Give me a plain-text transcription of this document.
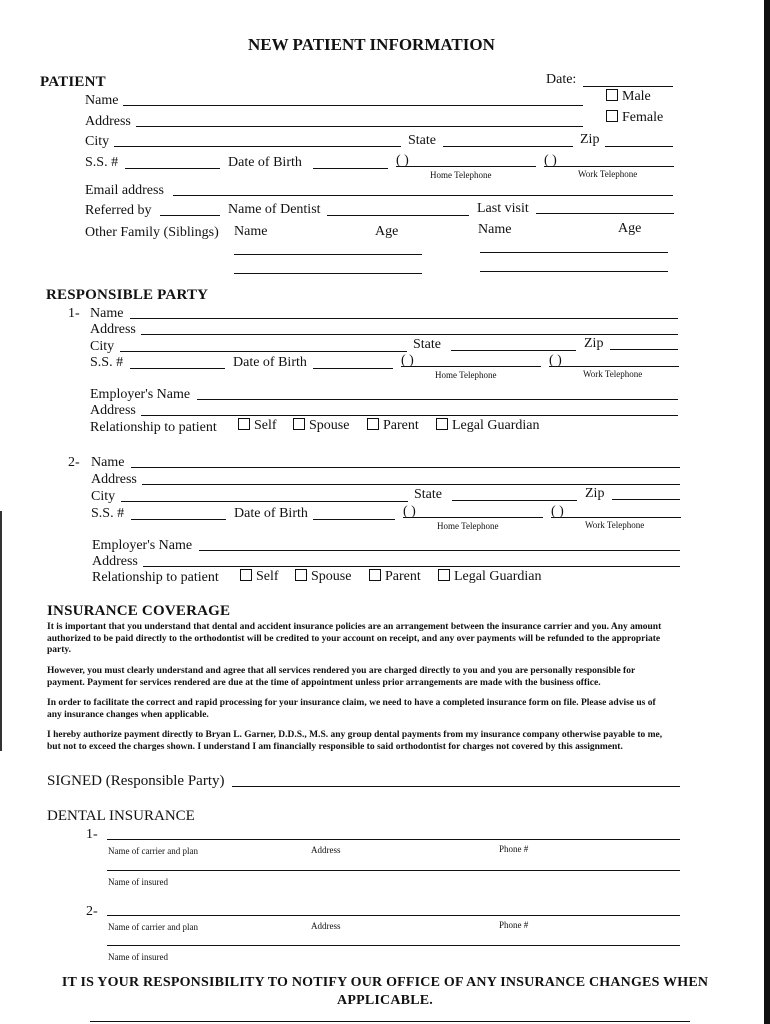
NEW PATIENT INFORMATION
PATIENT	Date:
Name	Male
Address	Female
City	State	Zip
S.S. #	Date of Birth	( )
Home Telephone
( )
Work Telephone
Email address
Referred by	Name of Dentist	Last visit
Other Family (Siblings) Name	Age	Name	Age
RESPONSIBLE PARTY
1- Name
Address
City	State	Zip
S.S. #	Date of Birth	( )
Home Telephone
( )
Work Telephone
Employer's Name
Address
Relationship to patient	Self	Spouse	Parent	Legal Guardian
2- Name
Address
City	State	Zip
S.S. #	Date of Birth	( )
Home Telephone
( )
Work Telephone
Employer's Name
Address
Relationship to patient	Self	Spouse	Parent	Legal Guardian
INSURANCE COVERAGE
It is important that you understand that dental and accident insurance policies are an arrangement between the insurance carrier and you. Any amount authorized to be paid directly to the orthodontist will be credited to your account on receipt, and any over payments will be refunded to the appropriate party.
However, you must clearly understand and agree that all services rendered you are charged directly to you and you are personally responsible for payment. Payment for services rendered are due at the time of appointment unless prior arrangements are made with the business office.
In order to facilitate the correct and rapid processing for your insurance claim, we need to have a completed insurance form on file. Please advise us of any insurance changes when applicable.
I hereby authorize payment directly to Bryan L. Garner, D.D.S., M.S. any group dental payments from my insurance company otherwise payable to me, but not to exceed the charges shown. I understand I am financially responsible to said orthodontist for charges not covered by this assignment.
SIGNED (Responsible Party)
DENTAL INSURANCE
1-
Name of carrier and plan	Address	Phone #
Name of insured
2-
Name of carrier and plan	Address	Phone #
Name of insured
IT IS YOUR RESPONSIBILITY TO NOTIFY OUR OFFICE OF ANY INSURANCE CHANGES WHEN
APPLICABLE.
